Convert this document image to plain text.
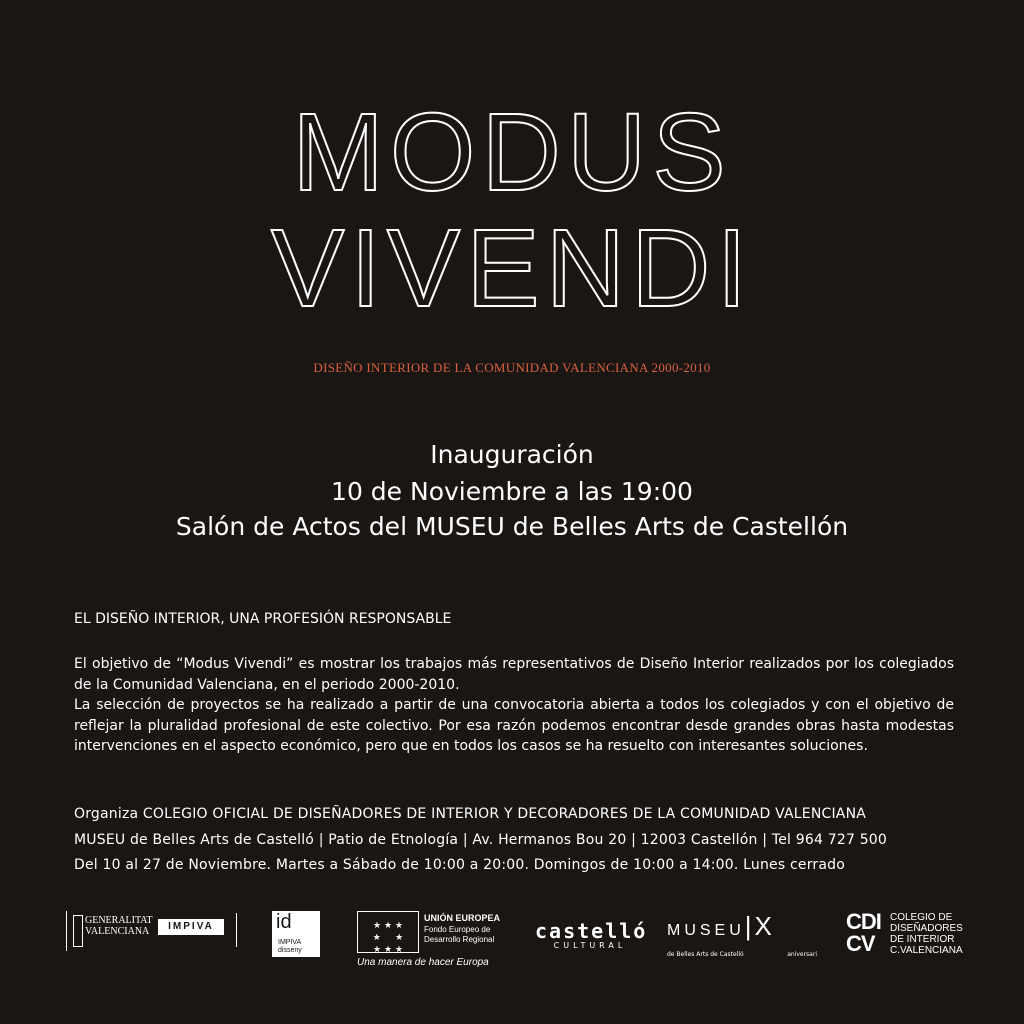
MODUS
VIVENDI
DISEÑO INTERIOR DE LA COMUNIDAD VALENCIANA 2000-2010
Inauguración
10 de Noviembre a las 19:00
Salón de Actos del MUSEU de Belles Arts de Castellón
EL DISEÑO INTERIOR, UNA PROFESIÓN RESPONSABLE
El objetivo de “Modus Vivendi” es mostrar los trabajos más representativos de Diseño Interior realizados por los colegiados de la Comunidad Valenciana, en el periodo 2000-2010.
La selección de proyectos se ha realizado a partir de una convocatoria abierta a todos los colegiados y con el objetivo de reflejar la pluralidad profesional de este colectivo. Por esa razón podemos encontrar desde grandes obras hasta modestas intervenciones en el aspecto económico, pero que en todos los casos se ha resuelto con interesantes soluciones.
Organiza COLEGIO OFICIAL DE DISEÑADORES DE INTERIOR Y DECORADORES DE LA COMUNIDAD VALENCIANA
MUSEU de Belles Arts de Castelló | Patio de Etnología | Av. Hermanos Bou 20 | 12003 Castellón | Tel 964 727 500
Del 10 al 27 de Noviembre. Martes a Sábado de 10:00 a 20:00. Domingos de 10:00 a 14:00. Lunes cerrado
GENERALITAT VALENCIANA	IMPIVA	id
IMPIVA disseny
★ ★ ★
★     ★
★ ★ ★
UNIÓN EUROPEA
Fondo Europeo de Desarrollo Regional
Una manera de hacer Europa
castelló
CULTURAL
MUSEU|X
de Belles Arts de Castelló	aniversari
CDI CV
COLEGIO DE DISEÑADORES DE INTERIOR C.VALENCIANA
